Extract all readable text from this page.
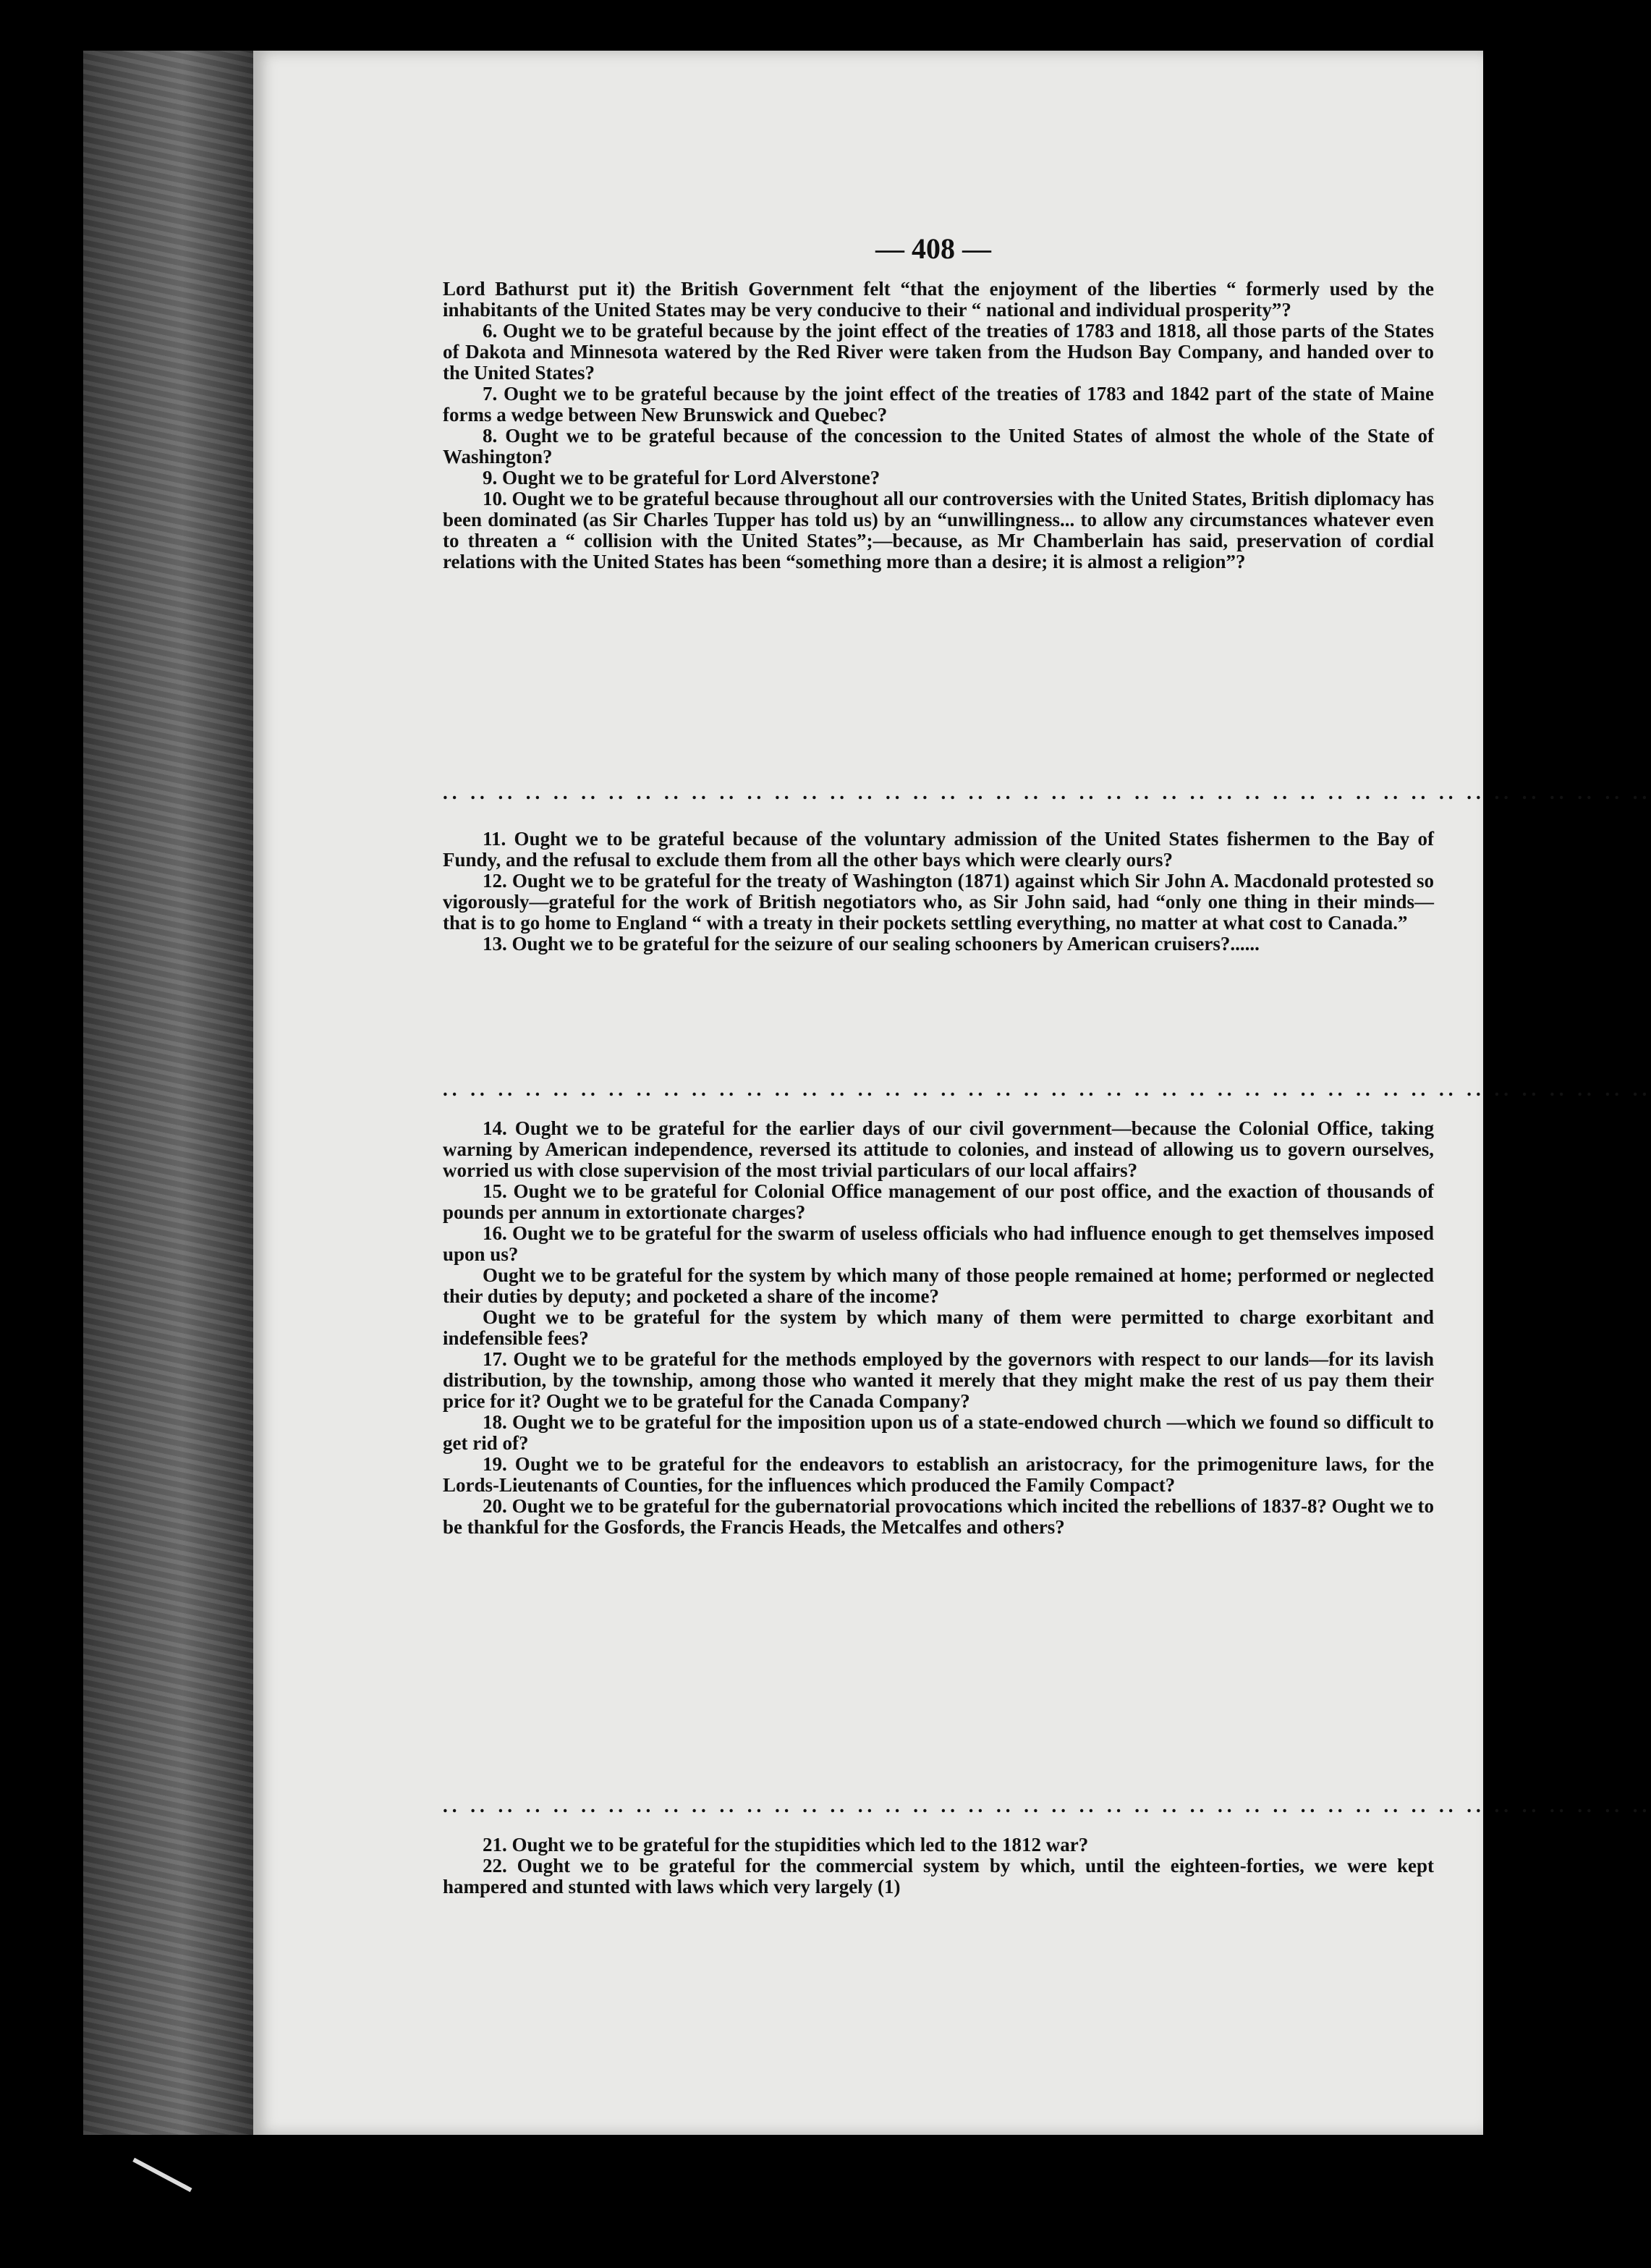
— 408 —

Lord Bathurst put it) the British Government felt “that the enjoyment of the liberties “ formerly used by the inhabitants of the United States may be very conducive to their “ national and individual prosperity”?

6. Ought we to be grateful because by the joint effect of the treaties of 1783 and 1818, all those parts of the States of Dakota and Minnesota watered by the Red River were taken from the Hudson Bay Company, and handed over to the United States?

7. Ought we to be grateful because by the joint effect of the treaties of 1783 and 1842 part of the state of Maine forms a wedge between New Brunswick and Quebec?

8. Ought we to be grateful because of the concession to the United States of almost the whole of the State of Washington?

9. Ought we to be grateful for Lord Alverstone?

10. Ought we to be grateful because throughout all our controversies with the United States, British diplomacy has been dominated (as Sir Charles Tupper has told us) by an “unwillingness... to allow any circumstances whatever even to threaten a “ collision with the United States”;—because, as Mr Chamberlain has said, preservation of cordial relations with the United States has been “something more than a desire; it is almost a religion”?

.. .. .. .. .. .. .. .. .. .. .. .. .. .. .. .. .. .. .. .. .. .. .. .. .. .. .. .. .. .. .. .. .. .. .. .. .. .. .. .. .. .. .. ..

11. Ought we to be grateful because of the voluntary admission of the United States fishermen to the Bay of Fundy, and the refusal to exclude them from all the other bays which were clearly ours?

12. Ought we to be grateful for the treaty of Washington (1871) against which Sir John A. Macdonald protested so vigorously—grateful for the work of British negotiators who, as Sir John said, had “only one thing in their minds—that is to go home to England “ with a treaty in their pockets settling everything, no matter at what cost to Canada.”

13. Ought we to be grateful for the seizure of our sealing schooners by American cruisers?......

.. .. .. .. .. .. .. .. .. .. .. .. .. .. .. .. .. .. .. .. .. .. .. .. .. .. .. .. .. .. .. .. .. .. .. .. .. .. .. .. .. .. .. ..

14. Ought we to be grateful for the earlier days of our civil government—because the Colonial Office, taking warning by American independence, reversed its attitude to colonies, and instead of allowing us to govern ourselves, worried us with close supervision of the most trivial particulars of our local affairs?

15. Ought we to be grateful for Colonial Office management of our post office, and the exaction of thousands of pounds per annum in extortionate charges?

16. Ought we to be grateful for the swarm of useless officials who had influence enough to get themselves imposed upon us?

Ought we to be grateful for the system by which many of those people remained at home; performed or neglected their duties by deputy; and pocketed a share of the income?

Ought we to be grateful for the system by which many of them were permitted to charge exorbitant and indefensible fees?

17. Ought we to be grateful for the methods employed by the governors with respect to our lands—for its lavish distribution, by the township, among those who wanted it merely that they might make the rest of us pay them their price for it? Ought we to be grateful for the Canada Company?

18. Ought we to be grateful for the imposition upon us of a state-endowed church —which we found so difficult to get rid of?

19. Ought we to be grateful for the endeavors to establish an aristocracy, for the primogeniture laws, for the Lords-Lieutenants of Counties, for the influences which produced the Family Compact?

20. Ought we to be grateful for the gubernatorial provocations which incited the rebellions of 1837-8? Ought we to be thankful for the Gosfords, the Francis Heads, the Metcalfes and others?

.. .. .. .. .. .. .. .. .. .. .. .. .. .. .. .. .. .. .. .. .. .. .. .. .. .. .. .. .. .. .. .. .. .. .. .. .. .. .. .. .. .. .. ..

21. Ought we to be grateful for the stupidities which led to the 1812 war?

22. Ought we to be grateful for the commercial system by which, until the eighteen-forties, we were kept hampered and stunted with laws which very largely (1)
